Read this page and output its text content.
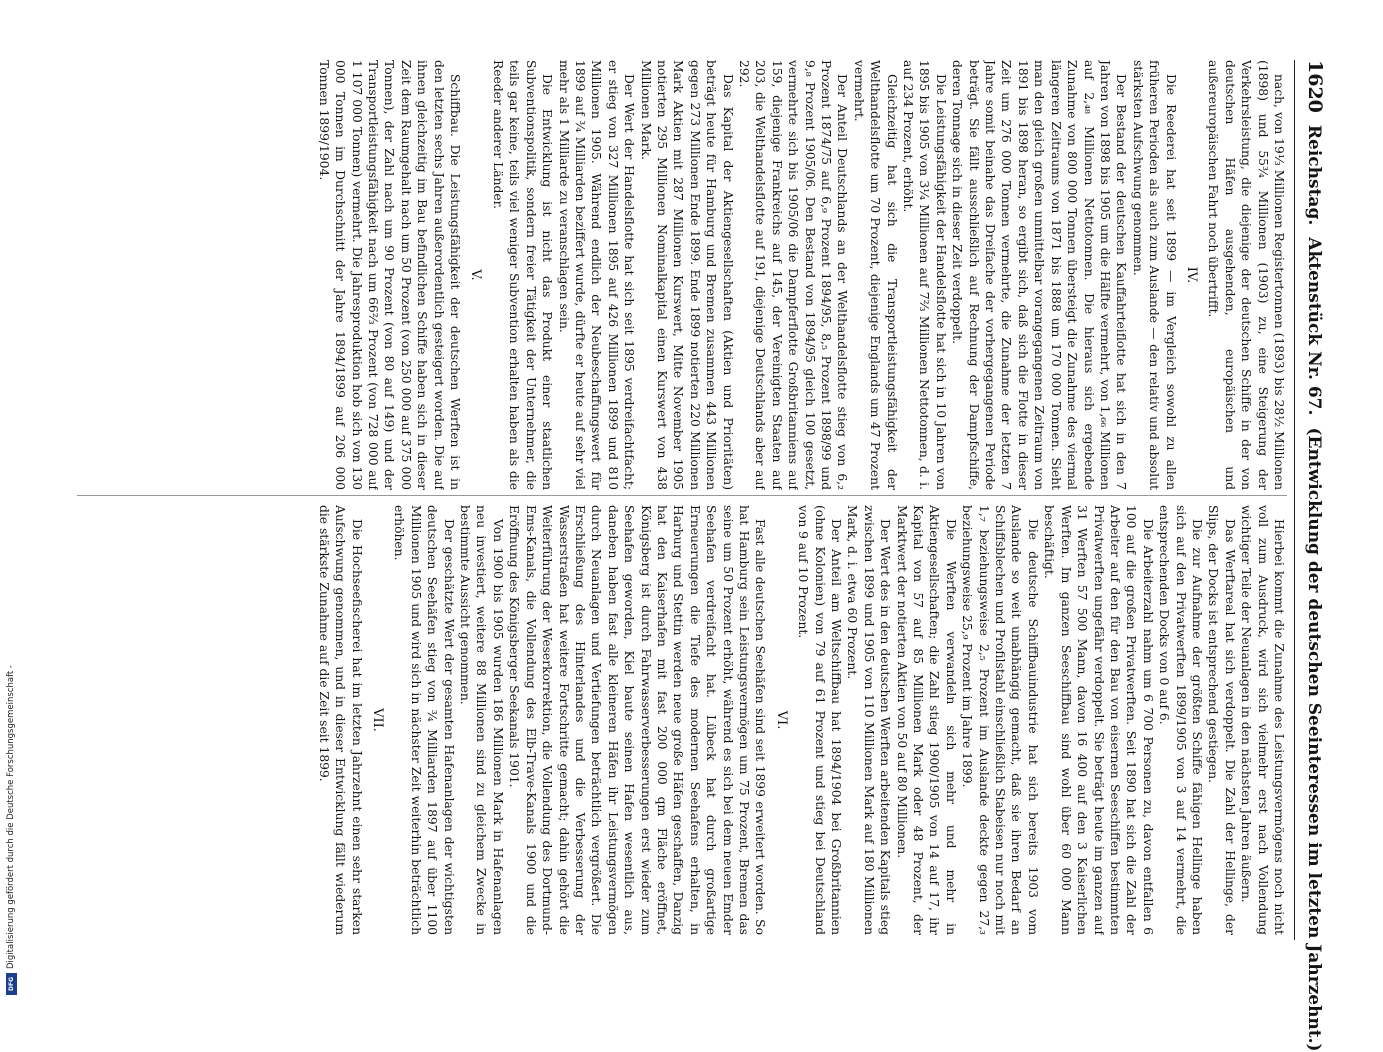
1620
Reichstag.
Aktenstück Nr. 67.
(Entwicklung der deutschen Seeinteressen im letzten Jahrzehnt.)

nach, von 19⅓ Millionen Registertonnen (1893) bis 28½ Millionen (1898) und 55¾ Millionen (1903) zu, eine Steigerung der Verkehrsleistung, die diejenige der deutschen Schiffe in der von deutschen Häfen ausgehenden, europäischen und außereuropäischen Fahrt noch übertrifft.

IV.

Die Reederei hat seit 1899 — im Vergleich sowohl zu allen früheren Perioden als auch zum Auslande — den relativ und absolut stärksten Aufschwung genommen.

Der Bestand der deutschen Kauffahrteiflotte hat sich in den 7 Jahren von 1898 bis 1905 um die Hälfte vermehrt, von 1,₆₆ Millionen auf 2,₄₈ Millionen Nettotonnen. Die hieraus sich ergebende Zunahme von 800 000 Tonnen übersteigt die Zunahme des viermal längeren Zeitraums von 1871 bis 1888 um 170 000 Tonnen. Sieht man den gleich großen unmittelbar vorangegangenen Zeitraum von 1891 bis 1898 heran, so ergibt sich, daß sich die Flotte in dieser Zeit um 276 000 Tonnen vermehrte, die Zunahme der letzten 7 Jahre somit beinahe das Dreifache der vorhergegangenen Periode beträgt. Sie fällt ausschließlich auf Rechnung der Dampfschiffe, deren Tonnage sich in dieser Zeit verdoppelt.

Die Leistungsfähigkeit der Handelsflotte hat sich in 10 Jahren von 1895 bis 1905 von 3¼ Millionen auf 7⅔ Millionen Nettotonnen, d. i. auf 234 Prozent, erhöht.

Gleichzeitig hat sich die Transportleistungsfähigkeit der Welthandelsflotte um 70 Prozent, diejenige Englands um 47 Prozent vermehrt.

Der Anteil Deutschlands an der Welthandelsflotte stieg von 6,₂ Prozent 1874/75 auf 6,₉ Prozent 1894/95, 8,₅ Prozent 1898/99 und 9,₈ Prozent 1905/06. Den Bestand von 1894/95 gleich 100 gesetzt, vermehrte sich bis 1905/06 die Dampferflotte Großbritanniens auf 159, diejenige Frankreichs auf 145, der Vereinigten Staaten auf 203, die Welthandelsflotte auf 191, diejenige Deutschlands aber auf 292.

Das Kapital der Aktiengesellschaften (Aktien und Prioritäten) beträgt heute für Hamburg und Bremen zusammen 443 Millionen gegen 273 Millionen Ende 1899. Ende 1899 notierten 220 Millionen Mark Aktien mit 287 Millionen Kurswert, Mitte November 1905 notierten 295 Millionen Nominalkapital einen Kurswert von 438 Millionen Mark.

Der Wert der Handelsflotte hat sich seit 1895 verdreifachtfacht; er stieg von 327 Millionen 1895 auf 426 Millionen 1899 und 810 Millionen 1905. Während endlich der Neubeschaffungswert für 1899 auf ¾ Milliarden beziffert wurde, dürfte er heute auf sehr viel mehr als 1 Milliarde zu veranschlagen sein.

Die Entwicklung ist nicht das Produkt einer staatlichen Subventionspolitik, sondern freier Tätigkeit der Unternehmer, die teils gar keine, teils viel weniger Subvention erhalten haben als die Reeder anderer Länder.

V.

Schiffbau. Die Leistungsfähigkeit der deutschen Werften ist in den letzten sechs Jahren außerordentlich gesteigert worden. Die auf ihnen gleichzeitig im Bau befindlichen Schiffe haben sich in dieser Zeit dem Raumgehalt nach um 50 Prozent (von 250 000 auf 375 000 Tonnen), der Zahl nach um 90 Prozent (von 80 auf 149) und der Transportleistungsfähigkeit nach um 66⅔ Prozent (von 728 000 auf 1 107 000 Tonnen) vermehrt. Die Jahresproduktion hob sich von 130 000 Tonnen im Durchschnitt der Jahre 1894/1899 auf 206 000 Tonnen 1899/1904.

Hierbei kommt die Zunahme des Leistungsvermögens noch nicht voll zum Ausdruck, wird sich vielmehr erst nach Vollendung wichtiger Teile der Neuanlagen in den nächsten Jahren äußern.

Das Werftareal hat sich verdoppelt. Die Zahl der Hellinge, der Slips, der Docks ist entsprechend gestiegen.

Die zur Aufnahme der größten Schiffe fähigen Hellinge haben sich auf den Privatwerften 1899/1905 von 3 auf 14 vermehrt, die entsprechenden Docks von 0 auf 6.

Die Arbeiterzahl nahm um 6 700 Personen zu, davon entfallen 6 100 auf die großen Privatwerften. Seit 1890 hat sich die Zahl der Arbeiter auf den für den Bau von eisernen Seeschiffen bestimmten Privatwerften ungefähr verdoppelt. Sie beträgt heute im ganzen auf 31 Werften 57 500 Mann, davon 16 400 auf den 3 Kaiserlichen Werften. Im ganzen Seeschiffbau sind wohl über 60 000 Mann beschäftigt.

Die deutsche Schiffbauindustrie hat sich bereits 1903 vom Auslande so weit unabhängig gemacht, daß sie ihren Bedarf an Schiffsblechen und Profilstahl einschließlich Stabeisen nur noch mit 1,₇ beziehungsweise 2,₅ Prozent im Auslande deckte gegen 27,₃ beziehungsweise 25,₉ Prozent im Jahre 1899.

Die Werften verwandeln sich mehr und mehr in Aktiengesellschaften; die Zahl stieg 1900/1905 von 14 auf 17, ihr Kapital von 57 auf 85 Millionen Mark oder 48 Prozent, der Marktwert der notierten Aktien von 50 auf 80 Millionen.

Der Wert des in den deutschen Werften arbeitenden Kapitals stieg zwischen 1899 und 1905 von 110 Millionen Mark auf 180 Millionen Mark, d. i. etwa 60 Prozent.

Der Anteil am Weltschiffbau hat 1894/1904 bei Großbritannien (ohne Kolonien) von 79 auf 61 Prozent und stieg bei Deutschland von 9 auf 10 Prozent.

VI.

Fast alle deutschen Seehäfen sind seit 1899 erweitert worden. So hat Hamburg sein Leistungsvermögen um 75 Prozent, Bremen das seine um 50 Prozent erhöht, während es sich bei dem neuen Emder Seehafen verdreifacht hat. Lübeck hat durch großartige Erneuerungen die Tiefe des modernen Seehafens erhalten, in Harburg und Stettin werden neue große Häfen geschaffen, Danzig hat den Kaiserhafen mit fast 200 000 qm Fläche eröffnet, Königsberg ist durch Fahrwasserverbesserungen erst wieder zum Seehafen geworden, Kiel baute seinen Hafen wesentlich aus, daneben haben fast alle kleineren Häfen ihr Leistungsvermögen durch Neuanlagen und Vertiefungen beträchtlich vergrößert. Die Erschließung des Hinterlandes und die Verbesserung der Wasserstraßen hat weitere Fortschritte gemacht; dahin gehört die Weiterführung der Weserkorrektion, die Vollendung des Dortmund-Ems-Kanals, die Vollendung des Elb-Trave-Kanals 1900 und die Eröffnung des Königsberger Seekanals 1901.

Von 1900 bis 1905 wurden 186 Millionen Mark in Hafenanlagen neu investiert, weitere 88 Millionen sind zu gleichem Zwecke in bestimmte Aussicht genommen.

Der geschätzte Wert der gesamten Hafenanlagen der wichtigsten deutschen Seehäfen stieg von ¾ Milliarden 1897 auf über 1100 Millionen 1905 und wird sich in nächster Zeit weiterhin beträchtlich erhöhen.

VII.

Die Hochseefischerei hat im letzten Jahrzehnt einen sehr starken Aufschwung genommen, und in dieser Entwicklung fällt wiederum die stärkste Zunahme auf die Zeit seit 1899.

Digitalisierung gefördert durch die Deutsche Forschungsgemeinschaft -
DFG
